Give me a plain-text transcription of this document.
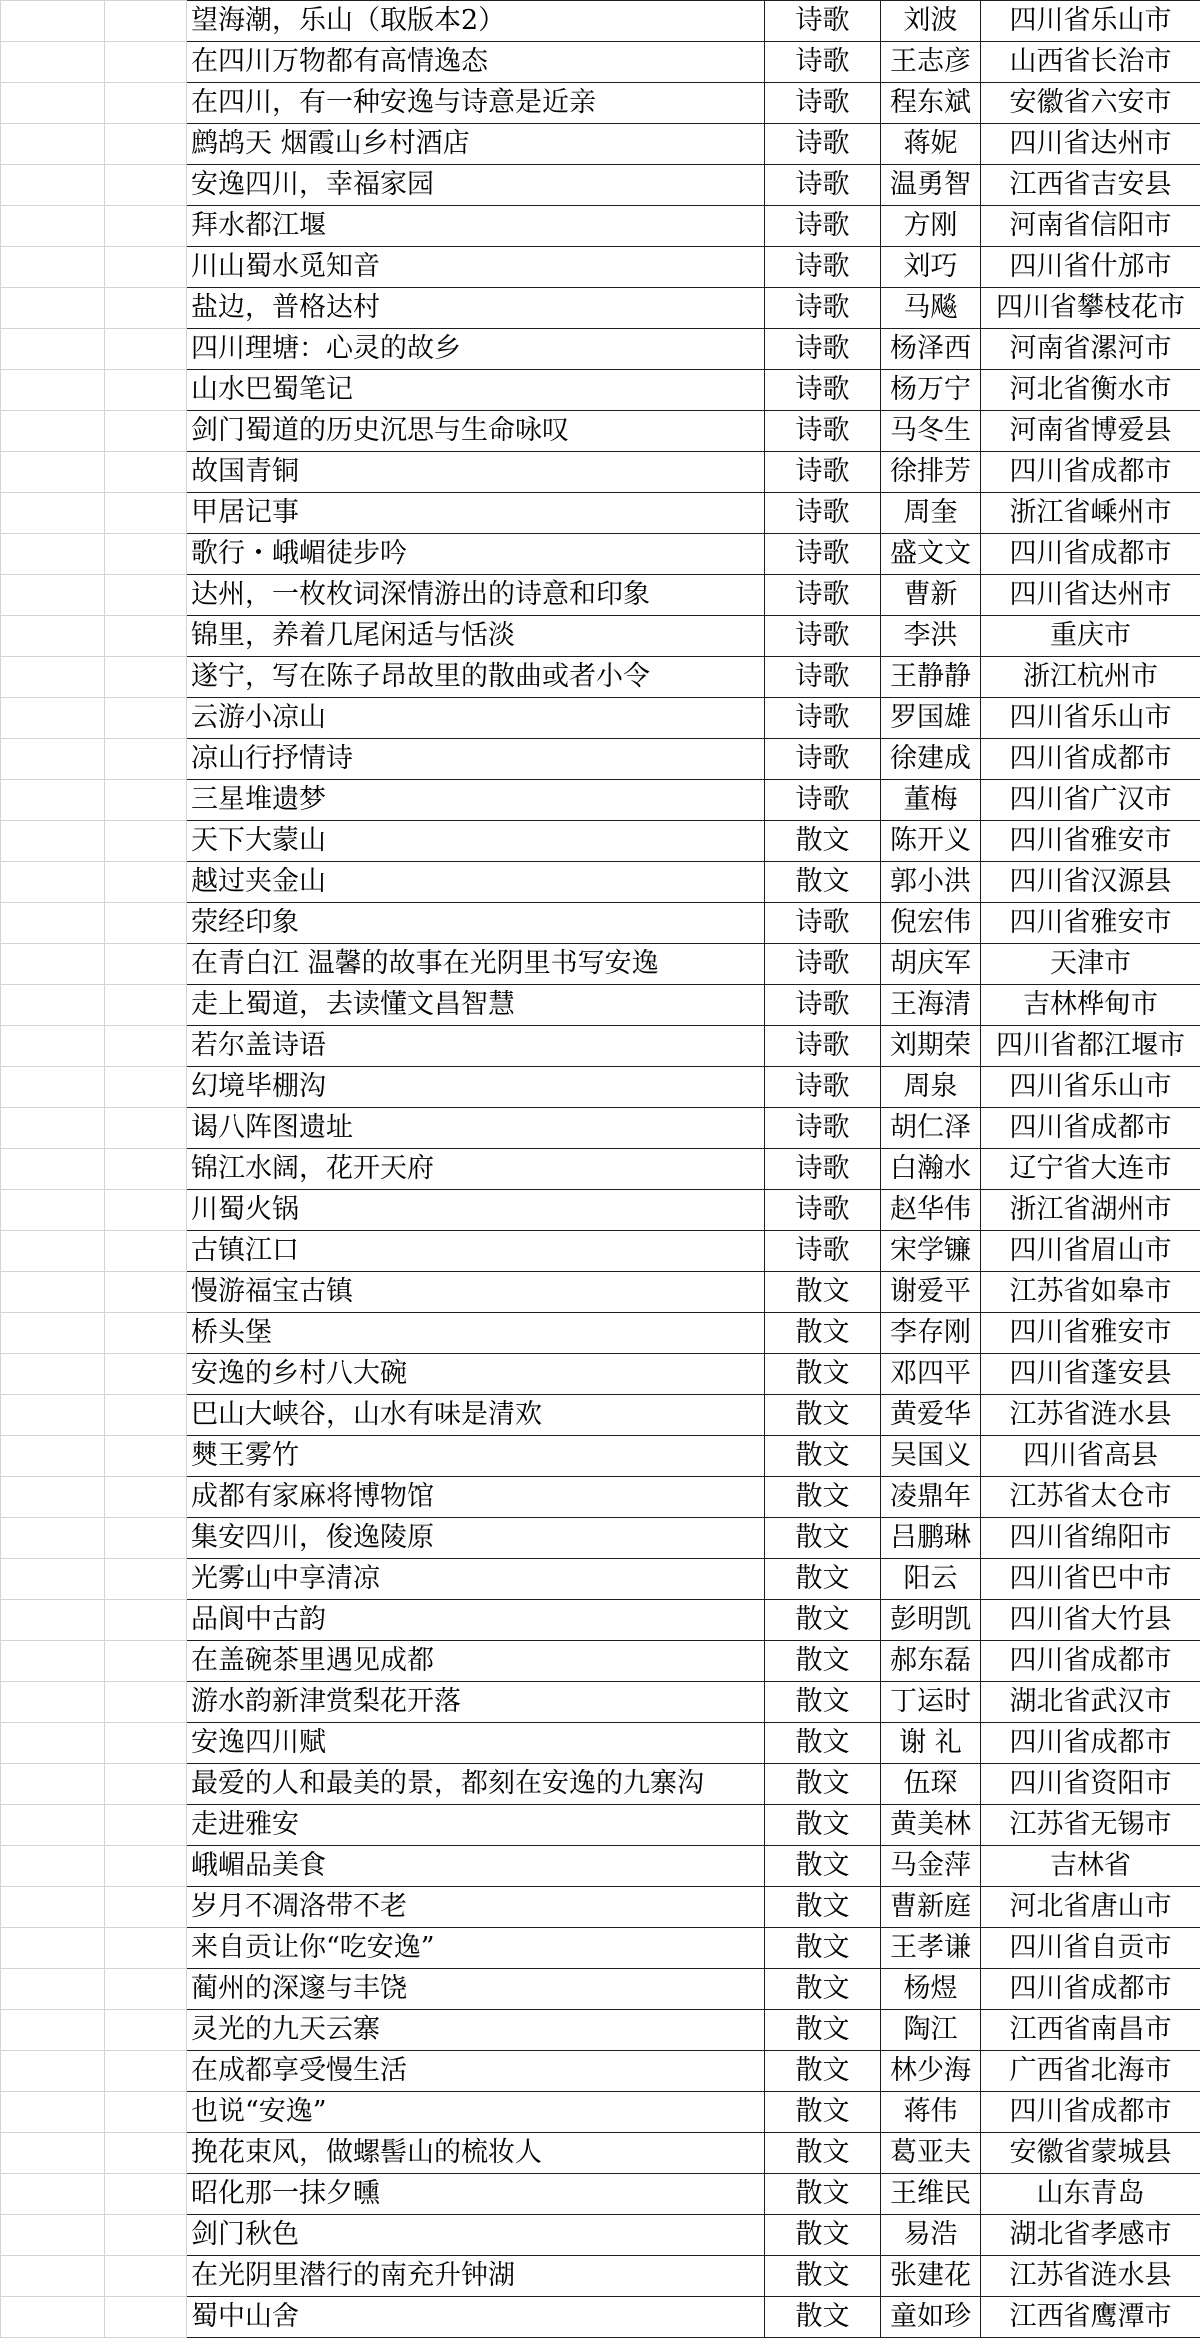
		望海潮，乐山（取版本2）	诗歌	刘波	四川省乐山市
		在四川万物都有高情逸态	诗歌	王志彦	山西省长治市
		在四川，有一种安逸与诗意是近亲	诗歌	程东斌	安徽省六安市
		鹧鸪天 烟霞山乡村酒店	诗歌	蒋妮	四川省达州市
		安逸四川，幸福家园	诗歌	温勇智	江西省吉安县
		拜水都江堰	诗歌	方刚	河南省信阳市
		川山蜀水觅知音	诗歌	刘巧	四川省什邡市
		盐边，普格达村	诗歌	马飚	四川省攀枝花市
		四川理塘：心灵的故乡	诗歌	杨泽西	河南省漯河市
		山水巴蜀笔记	诗歌	杨万宁	河北省衡水市
		剑门蜀道的历史沉思与生命咏叹	诗歌	马冬生	河南省博爱县
		故国青铜	诗歌	徐排芳	四川省成都市
		甲居记事	诗歌	周奎	浙江省嵊州市
		歌行・峨嵋徒步吟	诗歌	盛文文	四川省成都市
		达州，一枚枚词深情游出的诗意和印象	诗歌	曹新	四川省达州市
		锦里，养着几尾闲适与恬淡	诗歌	李洪	重庆市
		遂宁，写在陈子昂故里的散曲或者小令	诗歌	王静静	浙江杭州市
		云游小凉山	诗歌	罗国雄	四川省乐山市
		凉山行抒情诗	诗歌	徐建成	四川省成都市
		三星堆遗梦	诗歌	董梅	四川省广汉市
		天下大蒙山	散文	陈开义	四川省雅安市
		越过夹金山	散文	郭小洪	四川省汉源县
		荥经印象	诗歌	倪宏伟	四川省雅安市
		在青白江 温馨的故事在光阴里书写安逸	诗歌	胡庆军	天津市
		走上蜀道，去读懂文昌智慧	诗歌	王海清	吉林桦甸市
		若尔盖诗语	诗歌	刘期荣	四川省都江堰市
		幻境毕棚沟	诗歌	周泉	四川省乐山市
		谒八阵图遗址	诗歌	胡仁泽	四川省成都市
		锦江水阔，花开天府	诗歌	白瀚水	辽宁省大连市
		川蜀火锅	诗歌	赵华伟	浙江省湖州市
		古镇江口	诗歌	宋学镰	四川省眉山市
		慢游福宝古镇	散文	谢爱平	江苏省如皋市
		桥头堡	散文	李存刚	四川省雅安市
		安逸的乡村八大碗	散文	邓四平	四川省蓬安县
		巴山大峡谷，山水有味是清欢	散文	黄爱华	江苏省涟水县
		僰王雾竹	散文	吴国义	四川省高县
		成都有家麻将博物馆	散文	凌鼎年	江苏省太仓市
		集安四川，俊逸陵原	散文	吕鹏琳	四川省绵阳市
		光雾山中享清凉	散文	阳云	四川省巴中市
		品阆中古韵	散文	彭明凯	四川省大竹县
		在盖碗茶里遇见成都	散文	郝东磊	四川省成都市
		游水韵新津赏梨花开落	散文	丁运时	湖北省武汉市
		安逸四川赋	散文	谢 礼	四川省成都市
		最爱的人和最美的景，都刻在安逸的九寨沟	散文	伍琛	四川省资阳市
		走进雅安	散文	黄美林	江苏省无锡市
		峨嵋品美食	散文	马金萍	吉林省
		岁月不凋洛带不老	散文	曹新庭	河北省唐山市
		来自贡让你“吃安逸”	散文	王孝谦	四川省自贡市
		蔺州的深邃与丰饶	散文	杨煜	四川省成都市
		灵光的九天云寨	散文	陶江	江西省南昌市
		在成都享受慢生活	散文	林少海	广西省北海市
		也说“安逸”	散文	蒋伟	四川省成都市
		挽花束风，做螺髻山的梳妆人	散文	葛亚夫	安徽省蒙城县
		昭化那一抹夕曛	散文	王维民	山东青岛
		剑门秋色	散文	易浩	湖北省孝感市
		在光阴里潜行的南充升钟湖	散文	张建花	江苏省涟水县
		蜀中山舍	散文	童如珍	江西省鹰潭市
